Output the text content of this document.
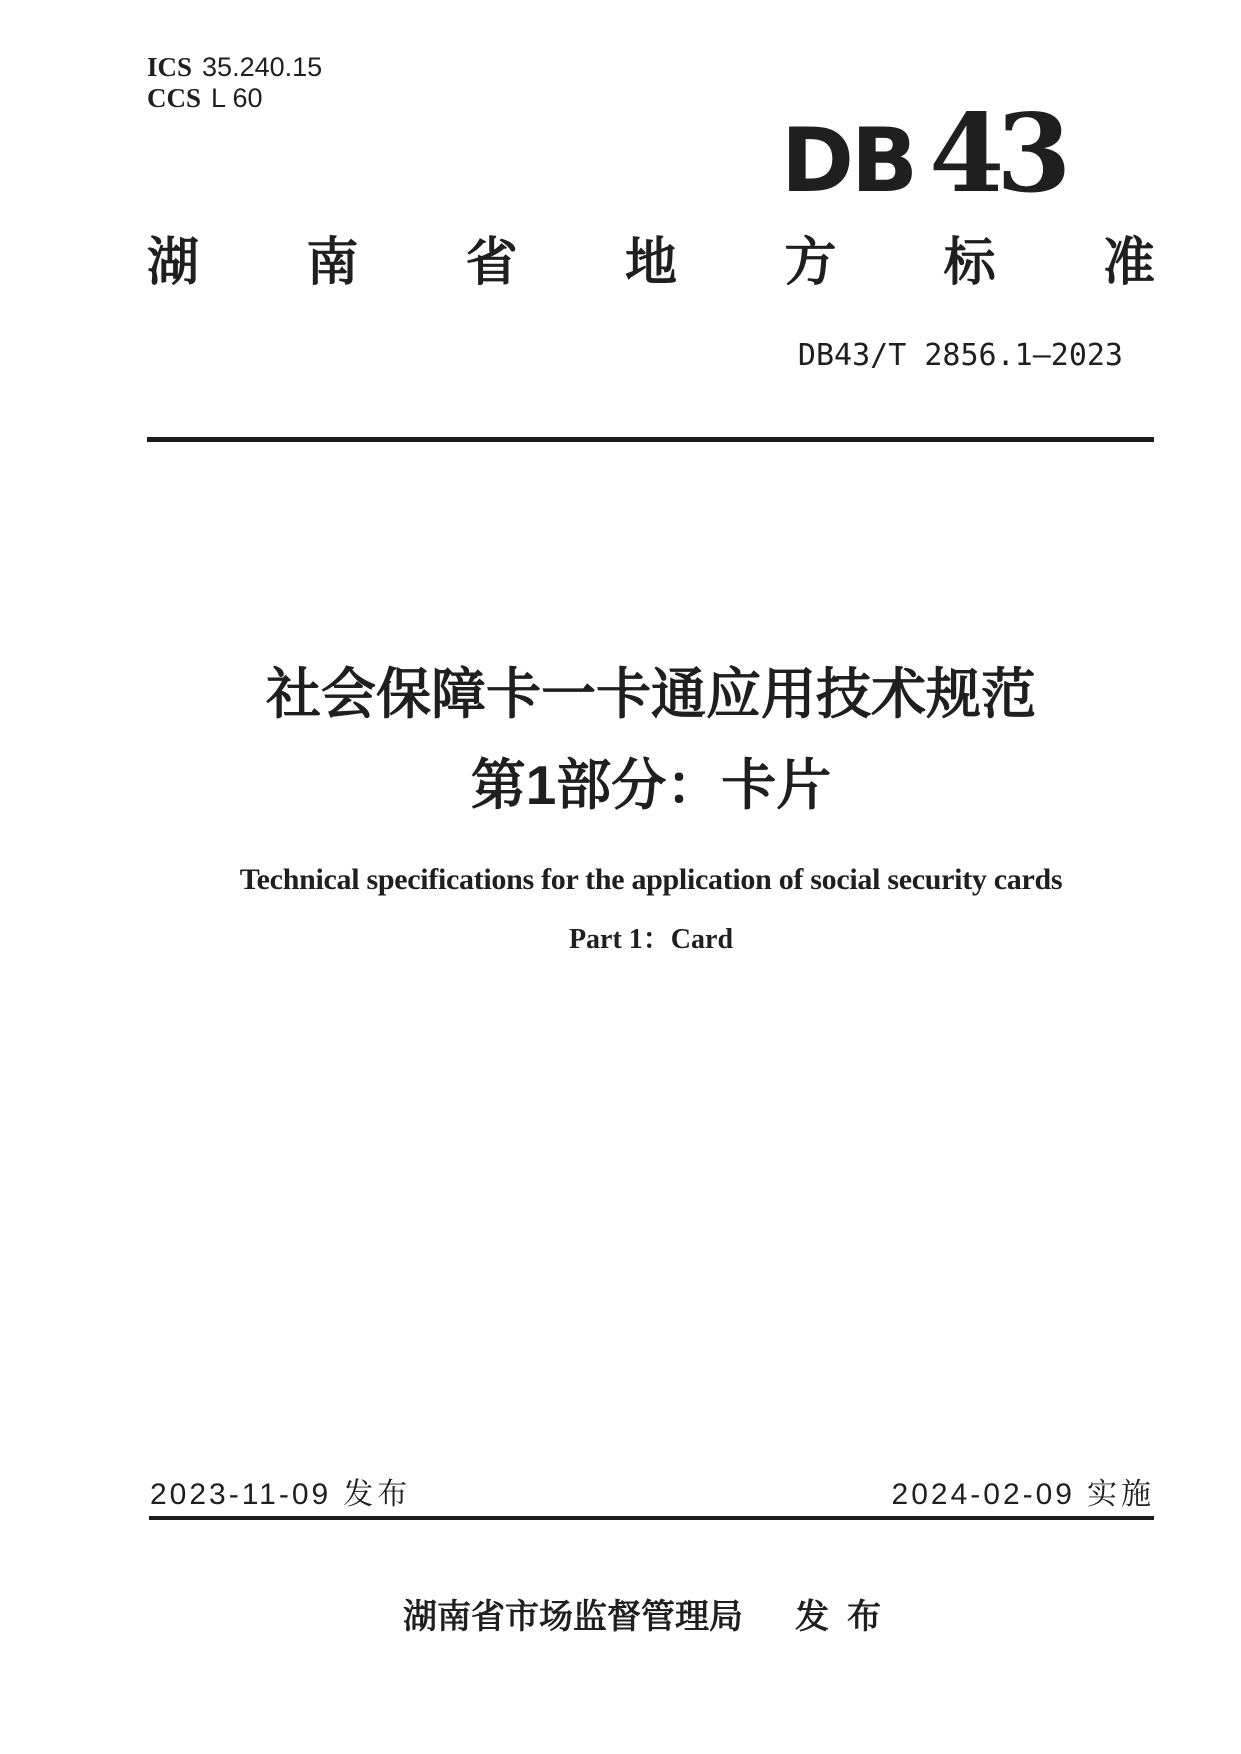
ICS 35.240.15
CCS L 60
DB 43
湖 南 省 地 方 标 准
DB43/T 2856.1—2023
社会保障卡一卡通应用技术规范
第1部分：卡片
Technical specifications for the application of social security cards
Part 1：Card
2023-11-09 发布	2024-02-09 实施
湖南省市场监督管理局 发布
